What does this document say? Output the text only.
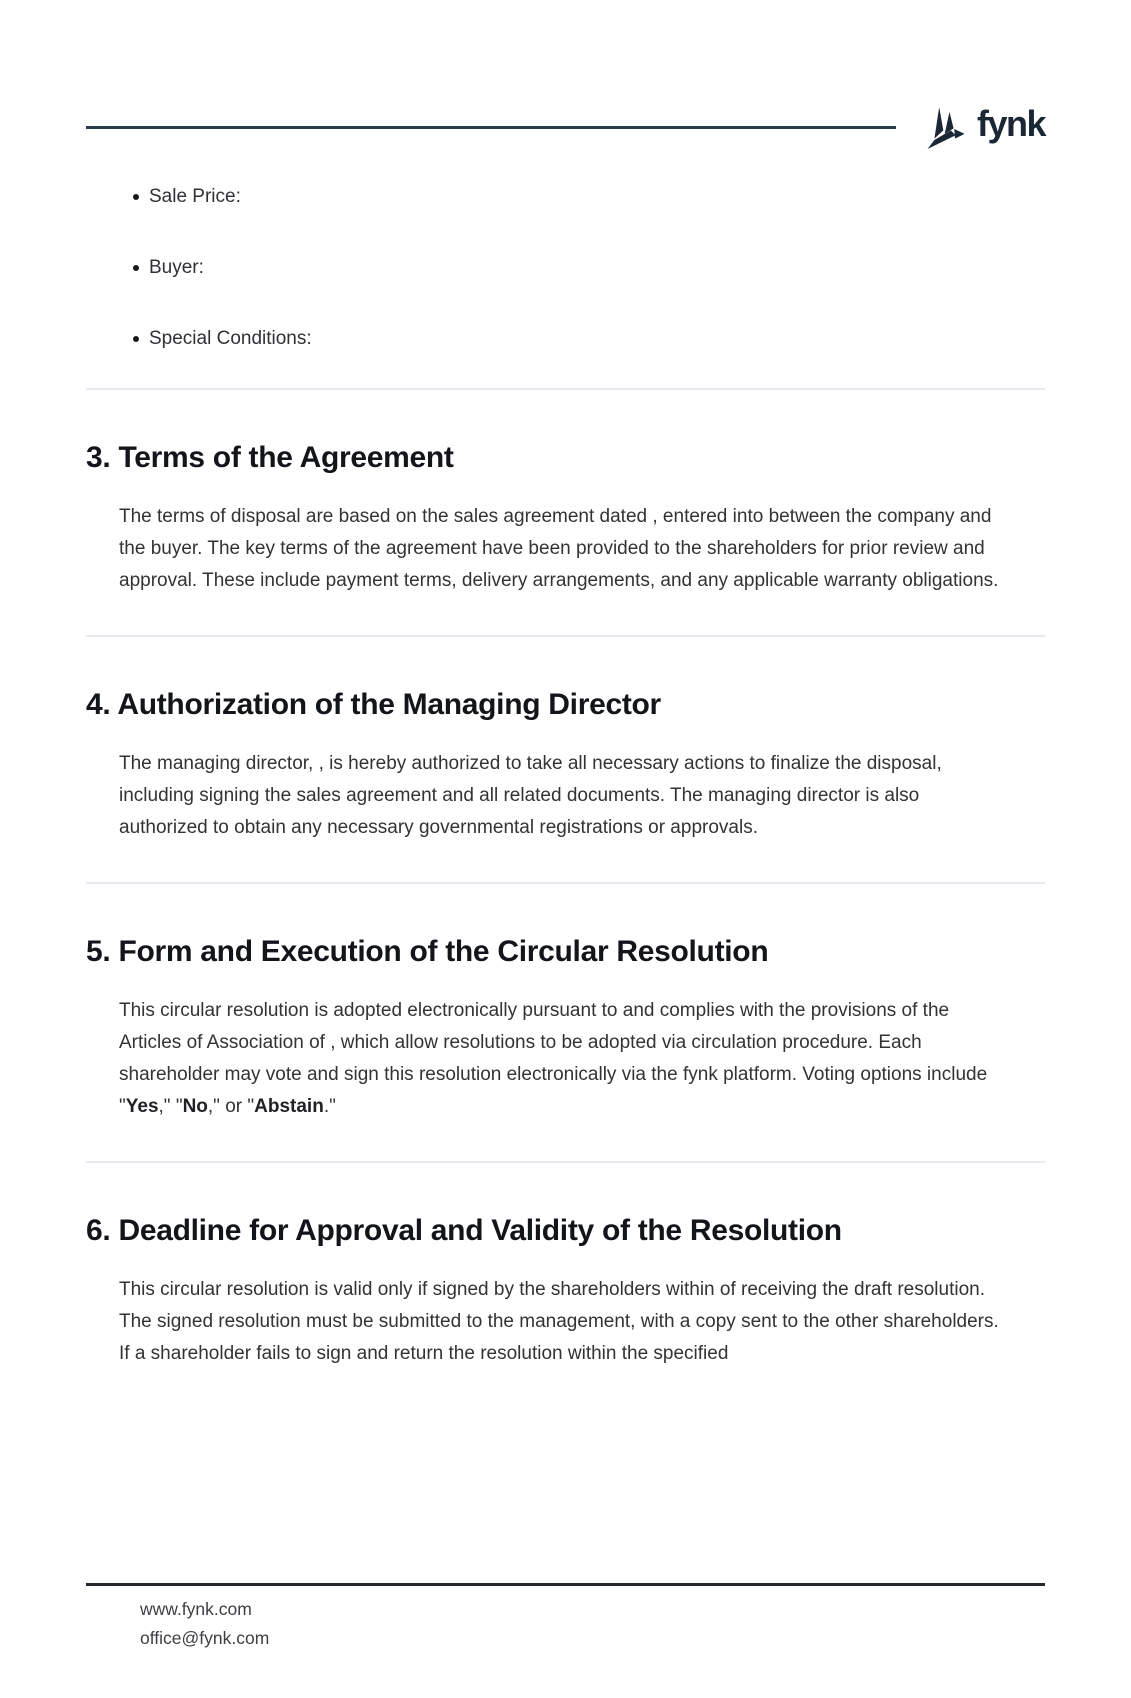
fynk
Sale Price:
Buyer:
Special Conditions:
3. Terms of the Agreement

The terms of disposal are based on the sales agreement dated , entered into between the company and the buyer. The key terms of the agreement have been provided to the shareholders for prior review and approval. These include payment terms, delivery arrangements, and any applicable warranty obligations.

4. Authorization of the Managing Director

The managing director, , is hereby authorized to take all necessary actions to finalize the disposal, including signing the sales agreement and all related documents. The managing director is also authorized to obtain any necessary governmental registrations or approvals.

5. Form and Execution of the Circular Resolution

This circular resolution is adopted electronically pursuant to and complies with the provisions of the Articles of Association of , which allow resolutions to be adopted via circulation procedure. Each shareholder may vote and sign this resolution electronically via the fynk platform. Voting options include "Yes," "No," or "Abstain."

6. Deadline for Approval and Validity of the Resolution

This circular resolution is valid only if signed by the shareholders within of receiving the draft resolution. The signed resolution must be submitted to the management, with a copy sent to the other shareholders. If a shareholder fails to sign and return the resolution within the specified

www.fynk.com
office@fynk.com
